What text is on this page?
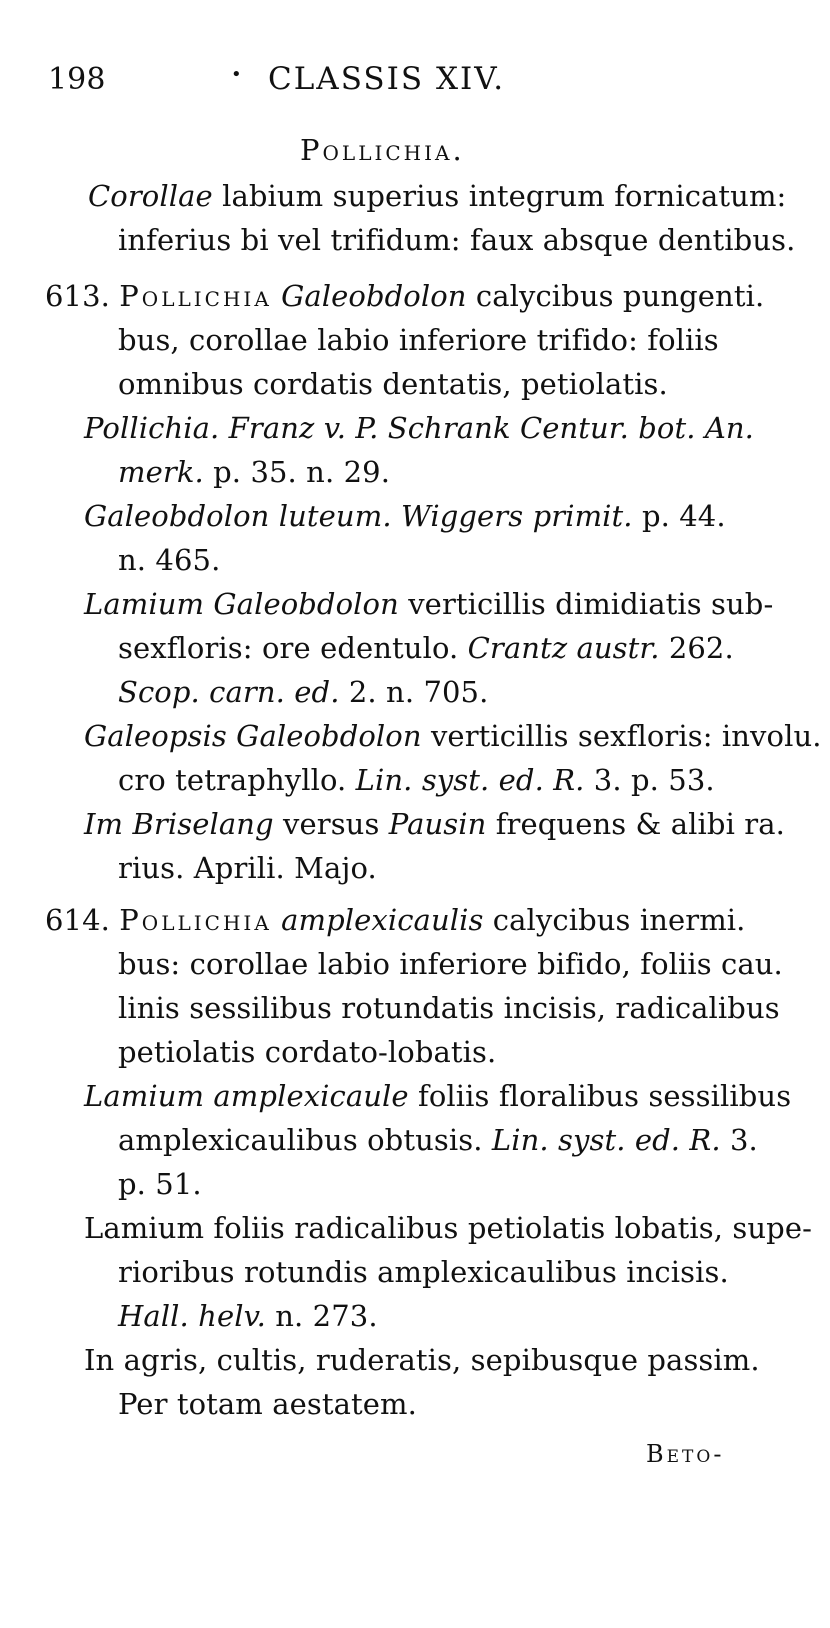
198	• CLASSIS XIV.
Pollichia.
Corollae labium superius integrum fornicatum:
inferius bi vel trifidum: faux absque dentibus.
613. Pollichia Galeobdolon calycibus pungenti.
bus, corollae labio inferiore trifido: foliis
omnibus cordatis dentatis, petiolatis.
Pollichia. Franz v. P. Schrank Centur. bot. An.
merk. p. 35. n. 29.
Galeobdolon luteum. Wiggers primit. p. 44.
n. 465.
Lamium Galeobdolon verticillis dimidiatis sub-
sexfloris: ore edentulo. Crantz austr. 262.
Scop. carn. ed. 2. n. 705.
Galeopsis Galeobdolon verticillis sexfloris: involu.
cro tetraphyllo. Lin. syst. ed. R. 3. p. 53.
Im Briselang versus Pausin frequens & alibi ra.
rius. Aprili. Majo.
614. Pollichia amplexicaulis calycibus inermi.
bus: corollae labio inferiore bifido, foliis cau.
linis sessilibus rotundatis incisis, radicalibus
petiolatis cordato-lobatis.
Lamium amplexicaule foliis floralibus sessilibus
amplexicaulibus obtusis. Lin. syst. ed. R. 3.
p. 51.
Lamium foliis radicalibus petiolatis lobatis, supe-
rioribus rotundis amplexicaulibus incisis.
Hall. helv. n. 273.
In agris, cultis, ruderatis, sepibusque passim.
Per totam aestatem.
Beto-
